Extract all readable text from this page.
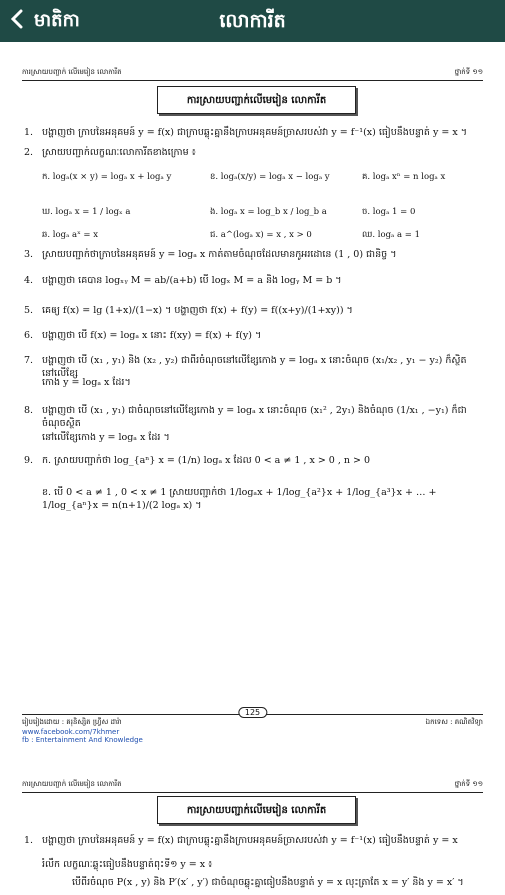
មាតិកា	លោការីត
ការស្រាយបញ្ជាក់ លើមេរៀន លោការីត	ថ្នាក់ទី ១១
ការស្រាយបញ្ជាក់លើមេរៀន លោការីត
1. បង្ហាញថា ក្រាបនៃអនុគមន៍ y = f(x) ជាក្រាបឆ្លុះគ្នានឹងក្រាបអនុគមន៍ច្រាសរបស់វា y = f⁻¹(x) ធៀបនឹងបន្ទាត់ y = x ។
2. ស្រាយបញ្ជាក់លក្ខណៈលោការីតខាងក្រោម ៖
ក. logₐ(x × y) = logₐ x + logₐ y	ខ. logₐ(x/y) = logₐ x − logₐ y	គ. logₐ xⁿ = n logₐ x
ឃ. logₐ x = 1 / logₓ a	ង. logₐ x = log_b x / log_b a	ច. logₐ 1 = 0
ឆ. logₐ aˣ = x	ជ. a^(logₐ x) = x , x > 0	ឈ. logₐ a = 1
3. ស្រាយបញ្ជាក់ថាក្រាបនៃអនុគមន៍ y = logₐ x កាត់តាមចំណុចដែលមានកូអរដោនេ (1 , 0) ជានិច្ច ។
4. បង្ហាញថា គេបាន logₓᵧ M = ab/(a+b) បើ logₓ M = a និង logᵧ M = b ។
5. គេឲ្យ f(x) = lg (1+x)/(1−x) ។ បង្ហាញថា f(x) + f(y) = f((x+y)/(1+xy)) ។
6. បង្ហាញថា បើ f(x) = logₐ x នោះ f(xy) = f(x) + f(y) ។
7. បង្ហាញថា បើ (x₁ , y₁) និង (x₂ , y₂) ជាពីរចំណុចនៅលើខ្សែកោង y = logₐ x នោះចំណុច (x₁/x₂ , y₁ − y₂) ក៏ស្ថិតនៅលើខ្សែ
កោង y = logₐ x ដែរ។
8. បង្ហាញថា បើ (x₁ , y₁) ជាចំណុចនៅលើខ្សែកោង y = logₐ x នោះចំណុច (x₁² , 2y₁) និងចំណុច (1/x₁ , −y₁) ក៏ជាចំណុចស្ថិត
នៅលើខ្សែកោង y = logₐ x ដែរ ។
9. ក. ស្រាយបញ្ជាក់ថា log_{aⁿ} x = (1/n) logₐ x ដែល 0 < a ≠ 1 , x > 0 , n > 0
ខ. បើ 0 < a ≠ 1 , 0 < x ≠ 1 ស្រាយបញ្ជាក់ថា 1/logₐx + 1/log_{a²}x + 1/log_{a³}x + … + 1/log_{aⁿ}x = n(n+1)/(2 logₐ x) ។
125
រៀបរៀងដោយ : គរុនិស្សិត ហ្វ្រីស ដារ៉ា	ឯកទេស : គណិតវិទ្យា
www.facebook.com/7khmer
fb : Entertainment And Knowledge
ការស្រាយបញ្ជាក់ លើមេរៀន លោការីត	ថ្នាក់ទី ១១
ការស្រាយបញ្ជាក់លើមេរៀន លោការីត
1. បង្ហាញថា ក្រាបនៃអនុគមន៍ y = f(x) ជាក្រាបឆ្លុះគ្នានឹងក្រាបអនុគមន៍ច្រាសរបស់វា y = f⁻¹(x) ធៀបនឹងបន្ទាត់ y = x
រំលឹក លក្ខណៈឆ្លុះធៀបនឹងបន្ទាត់ពុះទី១ y = x ៖
បើពីរចំណុច P(x , y) និង P′(x′ , y′) ជាចំណុចឆ្លុះគ្នាធៀបនឹងបន្ទាត់ y = x លុះត្រាតែ x = y′ និង y = x′ ។
